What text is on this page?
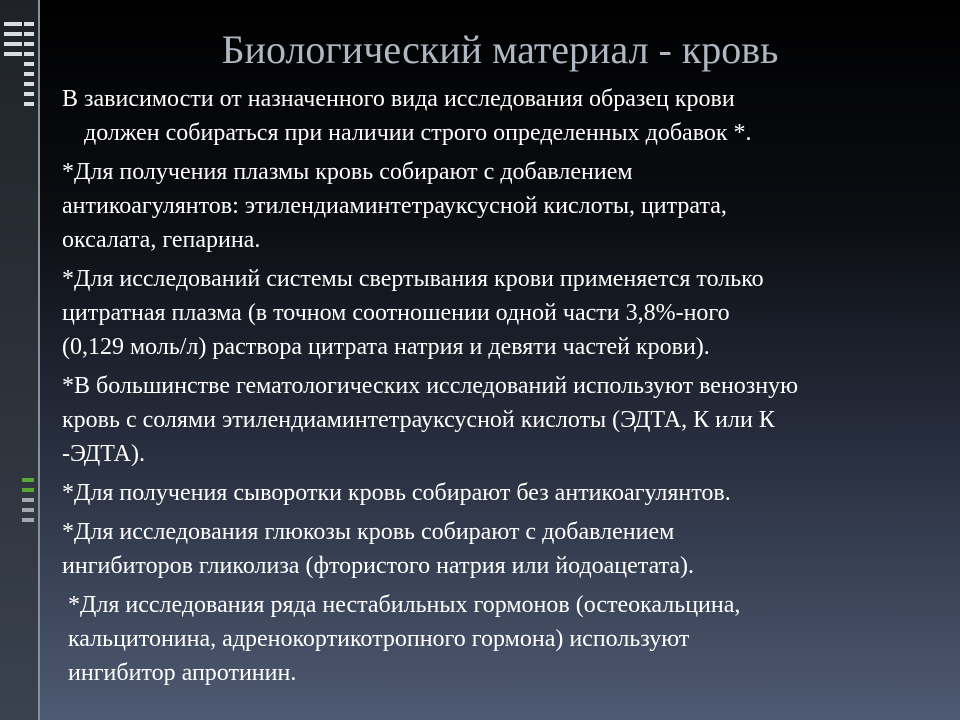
Биологический материал - кровь

В зависимости от назначенного вида исследования образец крови
должен собираться при наличии строго определенных добавок *.

*Для получения плазмы кровь собирают с добавлением
антикоагулянтов: этилендиаминтетрауксусной кислоты, цитрата,
оксалата, гепарина.

*Для исследований системы свертывания крови применяется только
цитратная плазма (в точном соотношении одной части 3,8%-ного
(0,129 моль/л) раствора цитрата натрия и девяти частей крови).

*В большинстве гематологических исследований используют венозную
кровь с солями этилендиаминтетрауксусной кислоты (ЭДТА, К или К
-ЭДТА).

*Для получения сыворотки кровь собирают без антикоагулянтов.

*Для исследования глюкозы кровь собирают с добавлением
ингибиторов гликолиза (фтористого натрия или йодоацетата).

*Для исследования ряда нестабильных гормонов (остеокальцина,
кальцитонина, адренокортикотропного гормона) используют
ингибитор апротинин.
